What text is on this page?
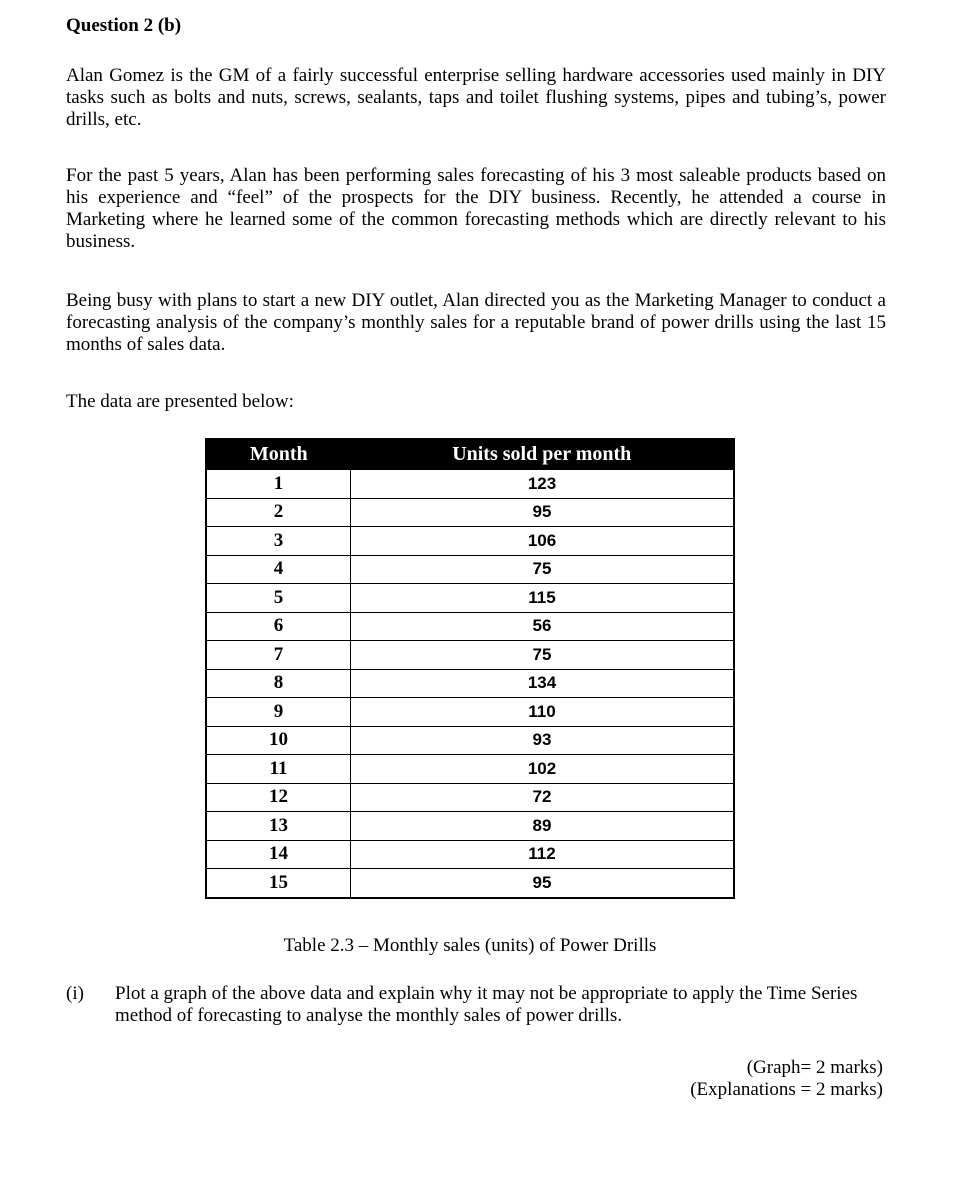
Question 2 (b)

Alan Gomez is the GM of a fairly successful enterprise selling hardware accessories used mainly in DIY tasks such as bolts and nuts, screws, sealants, taps and toilet flushing systems, pipes and tubing’s, power drills, etc.

For the past 5 years, Alan has been performing sales forecasting of his 3 most saleable products based on his experience and “feel” of the prospects for the DIY business. Recently, he attended a course in Marketing where he learned some of the common forecasting methods which are directly relevant to his business.

Being busy with plans to start a new DIY outlet, Alan directed you as the Marketing Manager to conduct a forecasting analysis of the company’s monthly sales for a reputable brand of power drills using the last 15 months of sales data.

The data are presented below:

Month	Units sold per month
1	123
2	95
3	106
4	75
5	115
6	56
7	75
8	134
9	110
10	93
11	102
12	72
13	89
14	112
15	95
Table 2.3 – Monthly sales (units) of Power Drills
(i) Plot a graph of the above data and explain why it may not be appropriate to apply the Time Series method of forecasting to analyse the monthly sales of power drills.
(Graph= 2 marks)
(Explanations = 2 marks)
